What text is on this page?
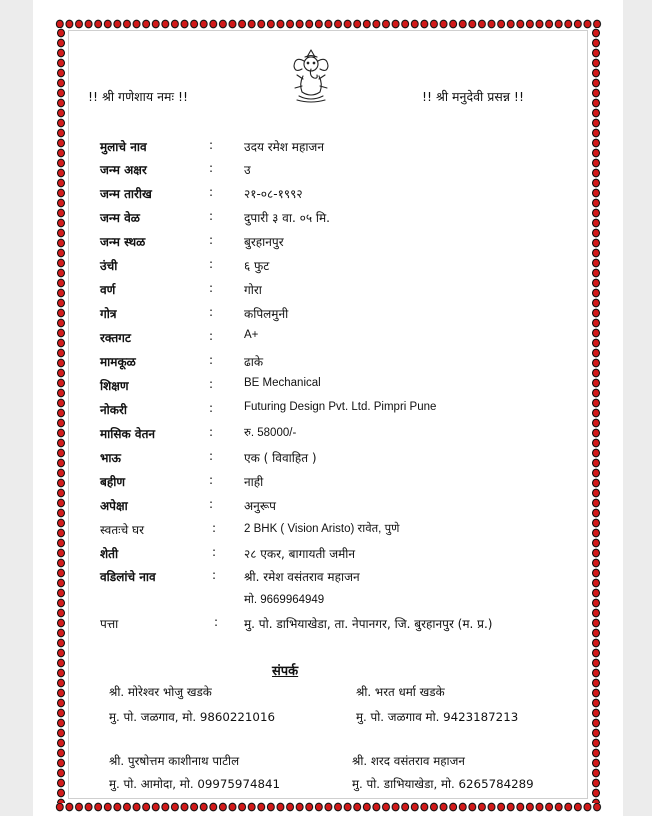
!! श्री गणेशाय नमः !!	!! श्री मनुदेवी प्रसन्न !!
मुलाचे नाव	:	उदय रमेश महाजन
जन्म अक्षर	:	उ
जन्म तारीख	:	२१-०८-१९९२
जन्म वेळ	:	दुपारी ३ वा. ०५ मि.
जन्म स्थळ	:	बुरहानपुर
उंची	:	६ फुट
वर्ण	:	गोरा
गोत्र	:	कपिलमुनी
रक्तगट	:	A+
मामकूळ	:	ढाके
शिक्षण	:	BE Mechanical
नोकरी	:	Futuring Design Pvt. Ltd. Pimpri Pune
मासिक वेतन	:	रु. 58000/-
भाऊ	:	एक ( विवाहित )
बहीण	:	नाही
अपेक्षा	:	अनुरूप
स्वतःचे घर	: 2 BHK ( Vision Aristo) रावेत, पुणे
शेती	: २८ एकर, बागायती जमीन
वडिलांचे नाव	: श्री. रमेश वसंतराव महाजन
मो. 9669964949
पत्ता	: मु. पो. डाभियाखेडा, ता. नेपानगर, जि. बुरहानपुर (म. प्र.)
संपर्क
श्री. मोरेश्वर भोजु खडके
मु. पो. जळगाव, मो. 9860221016
श्री. भरत धर्मा खडके
मु. पो. जळगाव मो. 9423187213
श्री. पुरषोत्तम काशीनाथ पाटील
मु. पो. आमोदा, मो. 09975974841
श्री. शरद वसंतराव महाजन
मु. पो. डाभियाखेडा, मो. 6265784289
